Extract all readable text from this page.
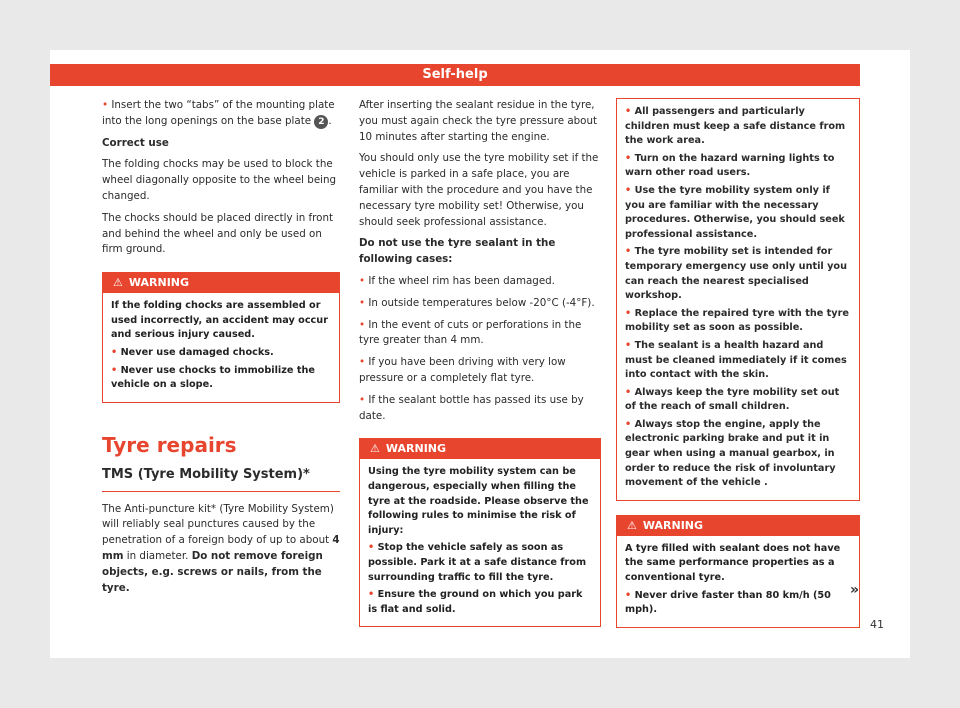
Self-help

• Insert the two “tabs” of the mounting plate into the long openings on the base plate 2 .

Correct use

The folding chocks may be used to block the wheel diagonally opposite to the wheel being changed.

The chocks should be placed directly in front and behind the wheel and only be used on firm ground.

⚠ WARNING

If the folding chocks are assembled or used incorrectly, an accident may occur and serious injury caused.

• Never use damaged chocks.

• Never use chocks to immobilize the vehicle on a slope.

Tyre repairs
TMS (Tyre Mobility System)*

The Anti-puncture kit* (Tyre Mobility System) will reliably seal punctures caused by the penetration of a foreign body of up to about 4 mm in diameter. Do not remove foreign objects, e.g. screws or nails, from the tyre.

After inserting the sealant residue in the tyre, you must again check the tyre pressure about 10 minutes after starting the engine.

You should only use the tyre mobility set if the vehicle is parked in a safe place, you are familiar with the procedure and you have the necessary tyre mobility set! Otherwise, you should seek professional assistance.

Do not use the tyre sealant in the following cases:

• If the wheel rim has been damaged.

• In outside temperatures below -20°C (-4°F).

• In the event of cuts or perforations in the tyre greater than 4 mm.

• If you have been driving with very low pressure or a completely flat tyre.

• If the sealant bottle has passed its use by date.

⚠ WARNING

Using the tyre mobility system can be dangerous, especially when filling the tyre at the roadside. Please observe the following rules to minimise the risk of injury:

• Stop the vehicle safely as soon as possible. Park it at a safe distance from surrounding traffic to fill the tyre.

• Ensure the ground on which you park is flat and solid.

• All passengers and particularly children must keep a safe distance from the work area.

• Turn on the hazard warning lights to warn other road users.

• Use the tyre mobility system only if you are familiar with the necessary procedures. Otherwise, you should seek professional assistance.

• The tyre mobility set is intended for temporary emergency use only until you can reach the nearest specialised workshop.

• Replace the repaired tyre with the tyre mobility set as soon as possible.

• The sealant is a health hazard and must be cleaned immediately if it comes into contact with the skin.

• Always keep the tyre mobility set out of the reach of small children.

• Always stop the engine, apply the electronic parking brake and put it in gear when using a manual gearbox, in order to reduce the risk of involuntary movement of the vehicle .

⚠ WARNING

A tyre filled with sealant does not have the same performance properties as a conventional tyre.

• Never drive faster than 80 km/h (50 mph).

»
41
